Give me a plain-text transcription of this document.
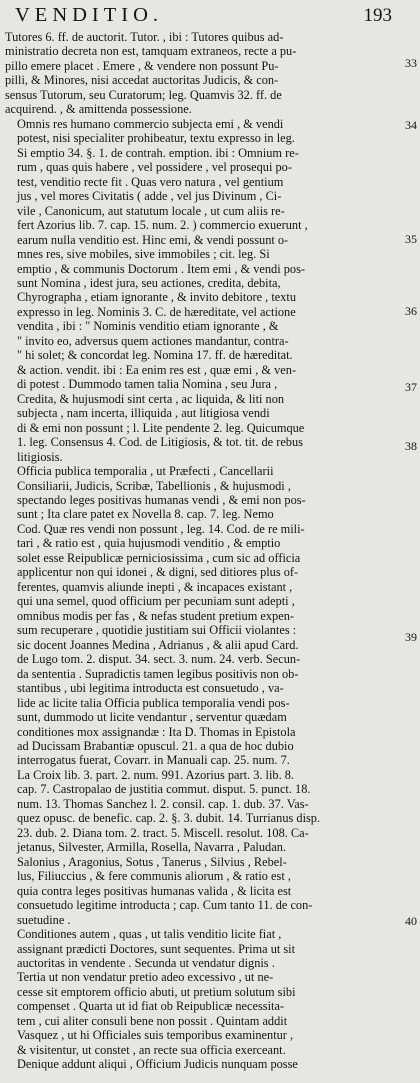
VENDITIO.	193
Tutores 6. ff. de auctorit. Tutor. , ibi : Tutores quibus ad-
ministratio decreta non est, tamquam extraneos, recte a pu-
pillo emere placet . Emere , & vendere non possunt Pu-
pilli, & Minores, nisi accedat auctoritas Judicis, & con-
sensus Tutorum, seu Curatorum; leg. Quamvis 32. ff. de
acquirend. , & amittenda possessione.
Omnis res humano commercio subjecta emi , & vendi
potest, nisi specialiter prohibeatur, textu expresso in leg.
Si emptio 34. §. 1. de contrah. emption. ibi : Omnium re-
rum , quas quis habere , vel possidere , vel prosequi po-
test, venditio recte fit . Quas vero natura , vel gentium
jus , vel mores Civitatis ( adde , vel jus Divinum , Ci-
vile , Canonicum, aut statutum locale , ut cum aliis re-
fert Azorius lib. 7. cap. 15. num. 2. ) commercio exuerunt ,
earum nulla venditio est. Hinc emi, & vendi possunt o-
mnes res, sive mobiles, sive immobiles ; cit. leg. Si
emptio , & communis Doctorum . Item emi , & vendi pos-
sunt Nomina , idest jura, seu actiones, credita, debita,
Chyrographa , etiam ignorante , & invito debitore , textu
expresso in leg. Nominis 3. C. de hæreditate, vel actione
vendita , ibi : " Nominis venditio etiam ignorante , &
" invito eo, adversus quem actiones mandantur, contra-
" hi solet; & concordat leg. Nomina 17. ff. de hæreditat.
& action. vendit. ibi : Ea enim res est , quæ emi , & ven-
di potest . Dummodo tamen talia Nomina , seu Jura ,
Credita, & hujusmodi sint certa , ac liquida, & liti non
subjecta , nam incerta, illiquida , aut litigiosa vendi
di & emi non possunt ; l. Lite pendente 2. leg. Quicumque
1. leg. Consensus 4. Cod. de Litigiosis, & tot. tit. de rebus
litigiosis.
Officia publica temporalia , ut Præfecti , Cancellarii
Consiliarii, Judicis, Scribæ, Tabellionis , & hujusmodi ,
spectando leges positivas humanas vendi , & emi non pos-
sunt ; Ita clare patet ex Novella 8. cap. 7. leg. Nemo
Cod. Quæ res vendi non possunt , leg. 14. Cod. de re mili-
tari , & ratio est , quia hujusmodi venditio , & emptio
solet esse Reipublicæ perniciosissima , cum sic ad officia
applicentur non qui idonei , & digni, sed ditiores plus of-
ferentes, quamvis aliunde inepti , & incapaces existant ,
qui una semel, quod officium per pecuniam sunt adepti ,
omnibus modis per fas , & nefas student pretium expen-
sum recuperare , quotidie justitiam sui Officii violantes :
sic docent Joannes Medina , Adrianus , & alii apud Card.
de Lugo tom. 2. disput. 34. sect. 3. num. 24. verb. Secun-
da sententia . Supradictis tamen legibus positivis non ob-
stantibus , ubi legitima introducta est consuetudo , va-
lide ac licite talia Officia publica temporalia vendi pos-
sunt, dummodo ut licite vendantur , serventur quædam
conditiones mox assignandæ : Ita D. Thomas in Epistola
ad Ducissam Brabantiæ opuscul. 21. a qua de hoc dubio
interrogatus fuerat, Covarr. in Manuali cap. 25. num. 7.
La Croix lib. 3. part. 2. num. 991. Azorius part. 3. lib. 8.
cap. 7. Castropalao de justitia commut. disput. 5. punct. 18.
num. 13. Thomas Sanchez l. 2. consil. cap. 1. dub. 37. Vas-
quez opusc. de benefic. cap. 2. §. 3. dubit. 14. Turrianus disp.
23. dub. 2. Diana tom. 2. tract. 5. Miscell. resolut. 108. Ca-
jetanus, Silvester, Armilla, Rosella, Navarra , Paludan.
Salonius , Aragonius, Sotus , Tanerus , Silvius , Rebel-
lus, Filiuccius , & fere communis aliorum , & ratio est ,
quia contra leges positivas humanas valida , & licita est
consuetudo legitime introducta ; cap. Cum tanto 11. de con-
suetudine .
Conditiones autem , quas , ut talis venditio licite fiat ,
assignant prædicti Doctores, sunt sequentes. Prima ut sit
auctoritas in vendente . Secunda ut vendatur dignis .
Tertia ut non vendatur pretio adeo excessivo , ut ne-
cesse sit emptorem officio abuti, ut pretium solutum sibi
compenset . Quarta ut id fiat ob Reipublicæ necessita-
tem , cui aliter consuli bene non possit . Quintam addit
Vasquez , ut hi Officiales suis temporibus examinentur ,
& visitentur, ut constet , an recte sua officia exerceant.
Denique addunt aliqui , Officium Judicis nunquam posse
33
34
35
36
37
38
39
40
